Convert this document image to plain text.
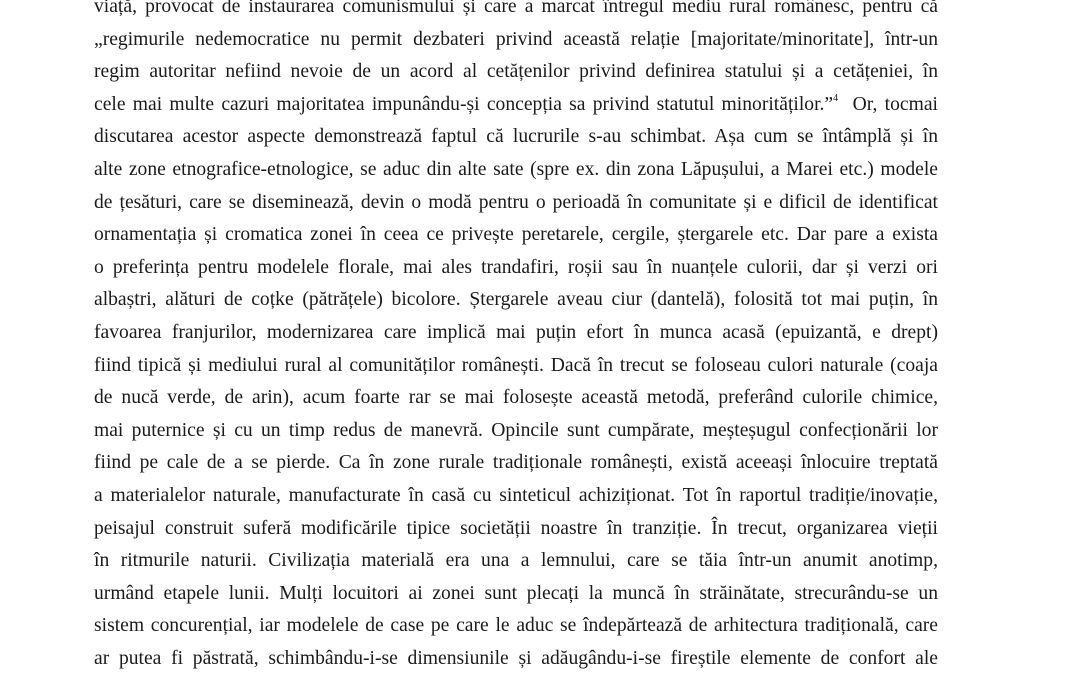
viață, provocat de instaurarea comunismului și care a marcat întregul mediu rural românesc, pentru că
„regimurile nedemocratice nu permit dezbateri privind această relație [majoritate/minoritate], într-un
regim autoritar nefiind nevoie de un acord al cetățenilor privind definirea statului și a cetățeniei, în
cele mai multe cazuri majoritatea impunându-și concepția sa privind statutul minorităților.”$^4$  Or, tocmai
discutarea acestor aspecte demonstrează faptul că lucrurile s-au schimbat. Așa cum se întâmplă și în
alte zone etnografice-etnologice, se aduc din alte sate (spre ex. din zona Lăpușului, a Marei etc.) modele
de țesături, care se diseminează, devin o modă pentru o perioadă în comunitate și e dificil de identificat
ornamentația și cromatica zonei în ceea ce privește peretarele, cergile, ștergarele etc. Dar pare a exista
o preferința pentru modelele florale, mai ales trandafiri, roșii sau în nuanțele culorii, dar și verzi ori
albaștri, alături de coțke (pătrățele) bicolore. Ștergarele aveau ciur (dantelă), folosită tot mai puțin, în
favoarea franjurilor, modernizarea care implică mai puțin efort în munca acasă (epuizantă, e drept)
fiind tipică și mediului rural al comunităților românești. Dacă în trecut se foloseau culori naturale (coaja
de nucă verde, de arin), acum foarte rar se mai folosește această metodă, preferând culorile chimice,
mai puternice și cu un timp redus de manevră. Opincile sunt cumpărate, meșteșugul confecționării lor
fiind pe cale de a se pierde. Ca în zone rurale tradiționale românești, există aceeași înlocuire treptată
a materialelor naturale, manufacturate în casă cu sinteticul achiziționat. Tot în raportul tradiție/inovație,
peisajul construit suferă modificările tipice societății noastre în tranziție. În trecut, organizarea vieții
în ritmurile naturii. Civilizația materială era una a lemnului, care se tăia într-un anumit anotimp,
urmând etapele lunii. Mulți locuitori ai zonei sunt plecați la muncă în străinătate, strecurându-se un
sistem concurențial, iar modelele de case pe care le aduc se îndepărtează de arhitectura tradițională, care
ar putea fi păstrată, schimbându-i-se dimensiunile și adăugându-i-se fireștile elemente de confort ale
